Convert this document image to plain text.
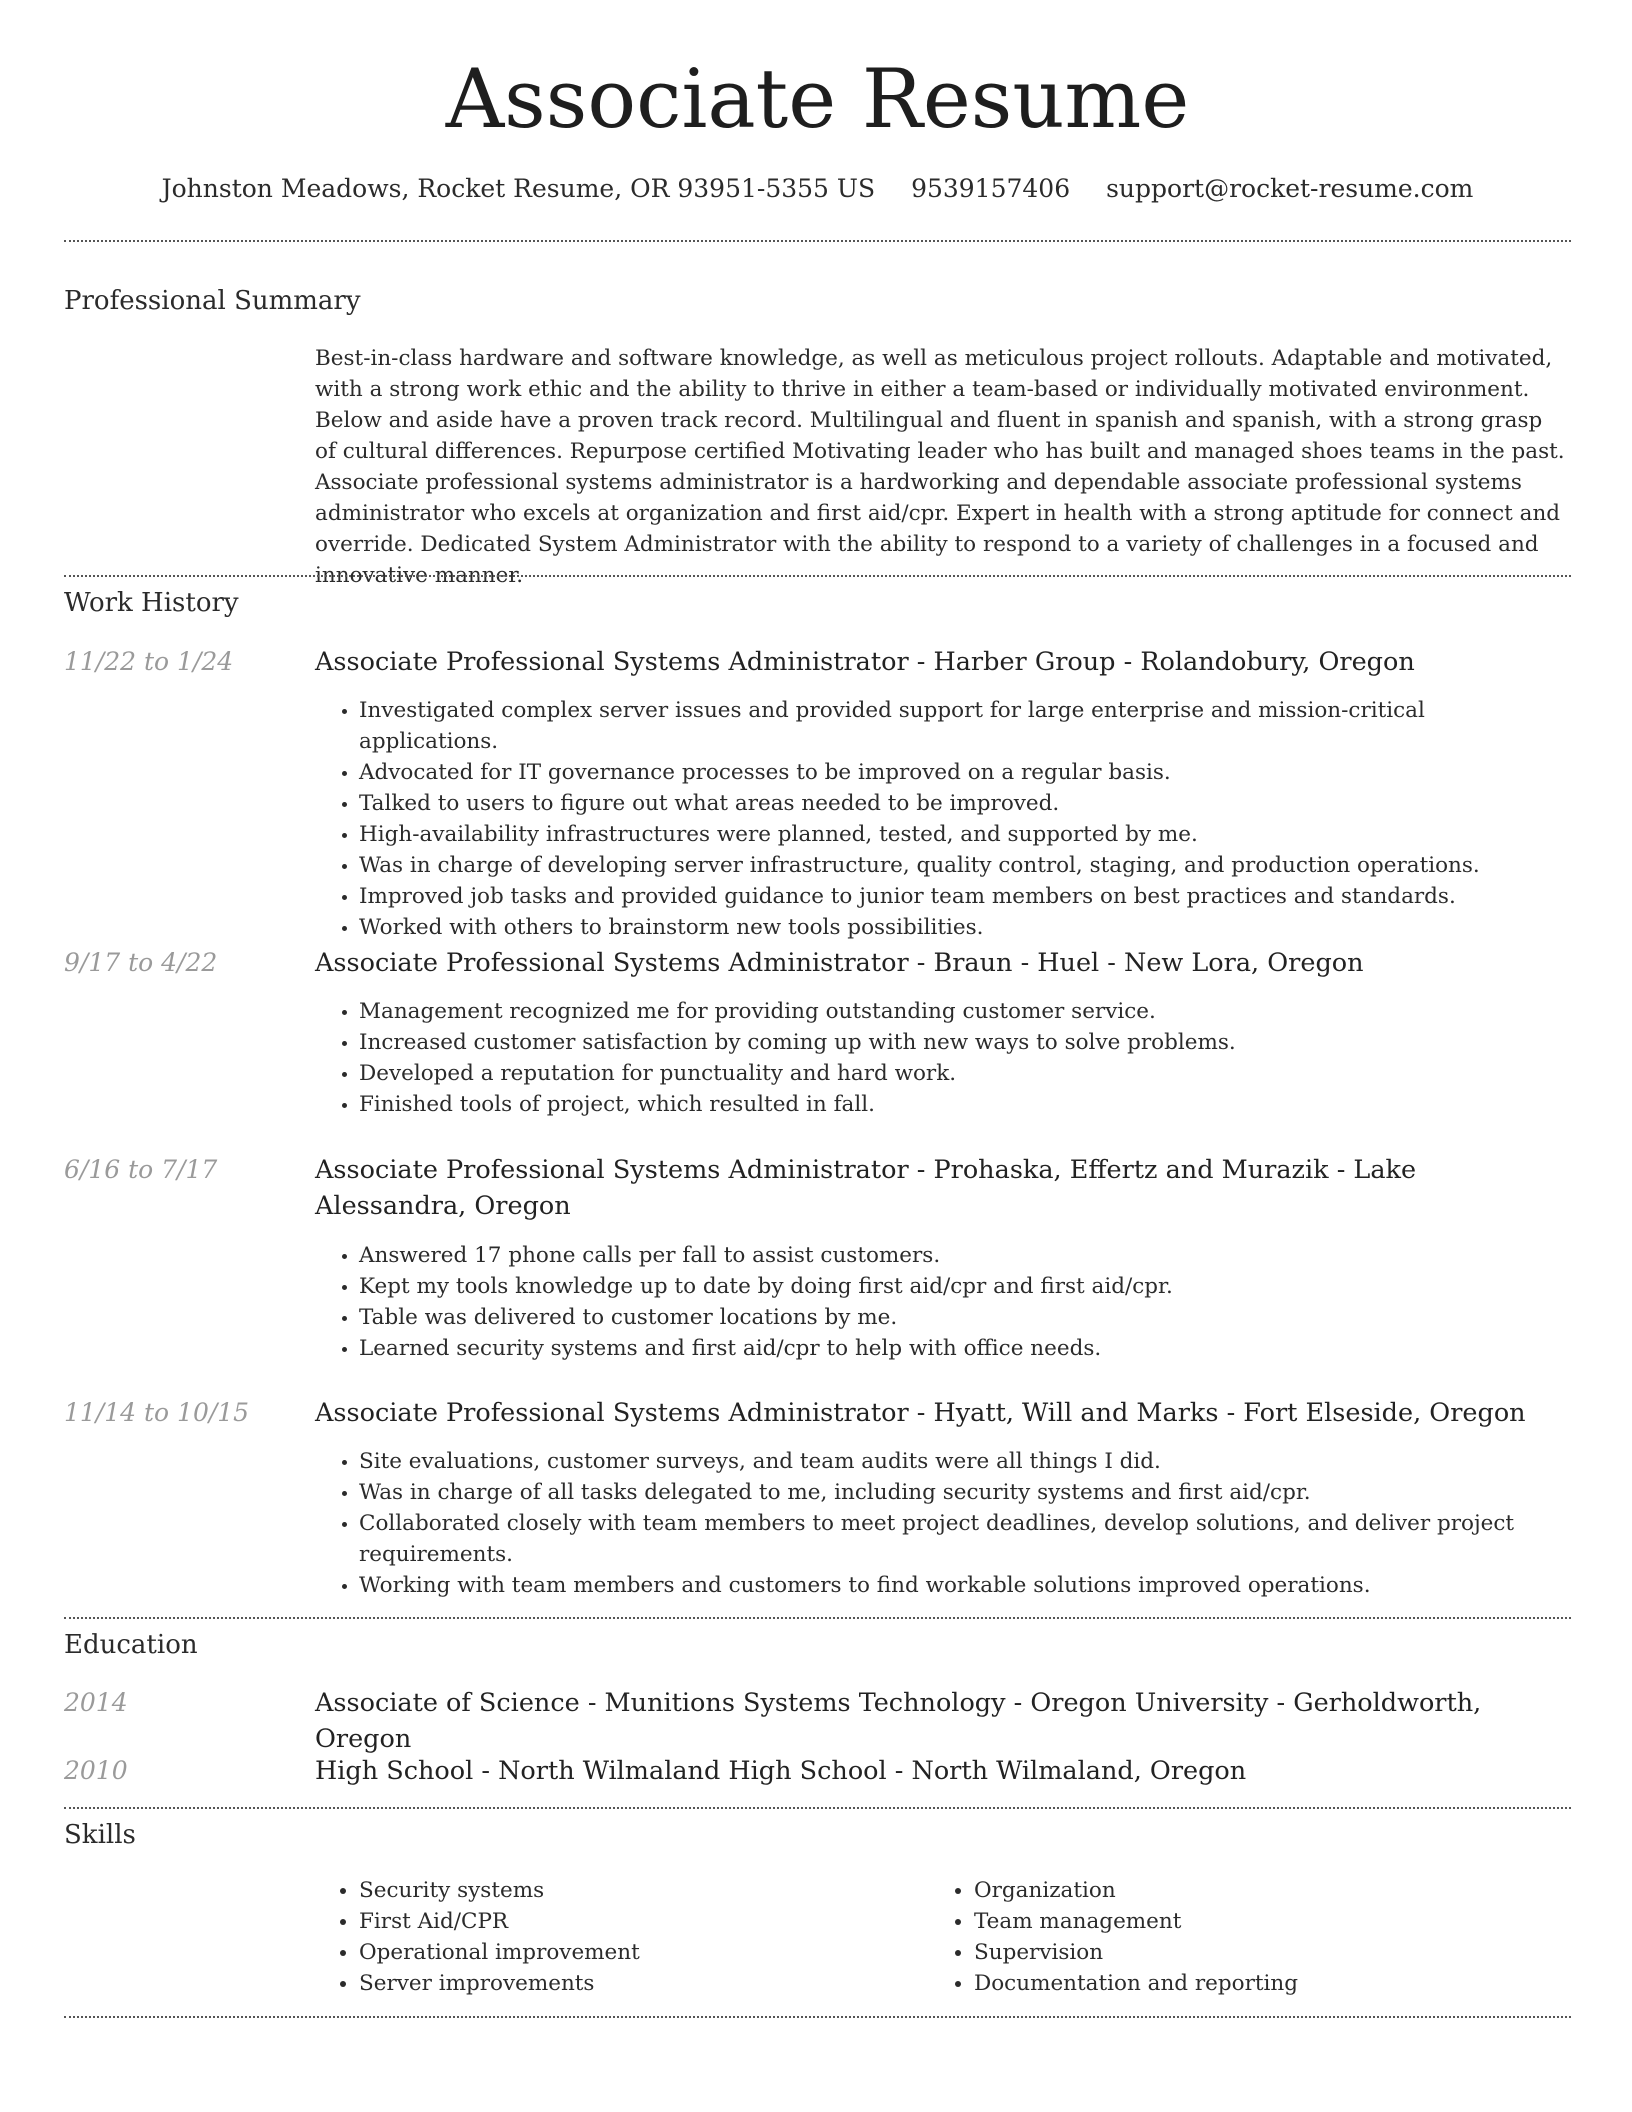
Associate Resume
Johnston Meadows, Rocket Resume, OR 93951-5355 US 9539157406 support@rocket-resume.com
Professional Summary

Best-in-class hardware and software knowledge, as well as meticulous project rollouts. Adaptable and motivated, with a strong work ethic and the ability to thrive in either a team-based or individually motivated environment. Below and aside have a proven track record. Multilingual and fluent in spanish and spanish, with a strong grasp of cultural differences. Repurpose certified Motivating leader who has built and managed shoes teams in the past. Associate professional systems administrator is a hardworking and dependable associate professional systems administrator who excels at organization and first aid/cpr. Expert in health with a strong aptitude for connect and override. Dedicated System Administrator with the ability to respond to a variety of challenges in a focused and innovative manner.

Work History
11/22 to 1/24	Associate Professional Systems Administrator - Harber Group - Rolandobury, Oregon
• Investigated complex server issues and provided support for large enterprise and mission-critical applications.
• Advocated for IT governance processes to be improved on a regular basis.
• Talked to users to figure out what areas needed to be improved.
• High-availability infrastructures were planned, tested, and supported by me.
• Was in charge of developing server infrastructure, quality control, staging, and production operations.
• Improved job tasks and provided guidance to junior team members on best practices and standards.
• Worked with others to brainstorm new tools possibilities.
9/17 to 4/22	Associate Professional Systems Administrator - Braun - Huel - New Lora, Oregon
• Management recognized me for providing outstanding customer service.
• Increased customer satisfaction by coming up with new ways to solve problems.
• Developed a reputation for punctuality and hard work.
• Finished tools of project, which resulted in fall.
6/16 to 7/17	Associate Professional Systems Administrator - Prohaska, Effertz and Murazik - Lake Alessandra, Oregon
• Answered 17 phone calls per fall to assist customers.
• Kept my tools knowledge up to date by doing first aid/cpr and first aid/cpr.
• Table was delivered to customer locations by me.
• Learned security systems and first aid/cpr to help with office needs.
11/14 to 10/15	Associate Professional Systems Administrator - Hyatt, Will and Marks - Fort Elseside, Oregon
• Site evaluations, customer surveys, and team audits were all things I did.
• Was in charge of all tasks delegated to me, including security systems and first aid/cpr.
• Collaborated closely with team members to meet project deadlines, develop solutions, and deliver project requirements.
• Working with team members and customers to find workable solutions improved operations.
Education
2014	Associate of Science - Munitions Systems Technology - Oregon University - Gerholdworth, Oregon
2010	High School - North Wilmaland High School - North Wilmaland, Oregon
Skills
• Security systems
• First Aid/CPR
• Operational improvement
• Server improvements
• Organization
• Team management
• Supervision
• Documentation and reporting
